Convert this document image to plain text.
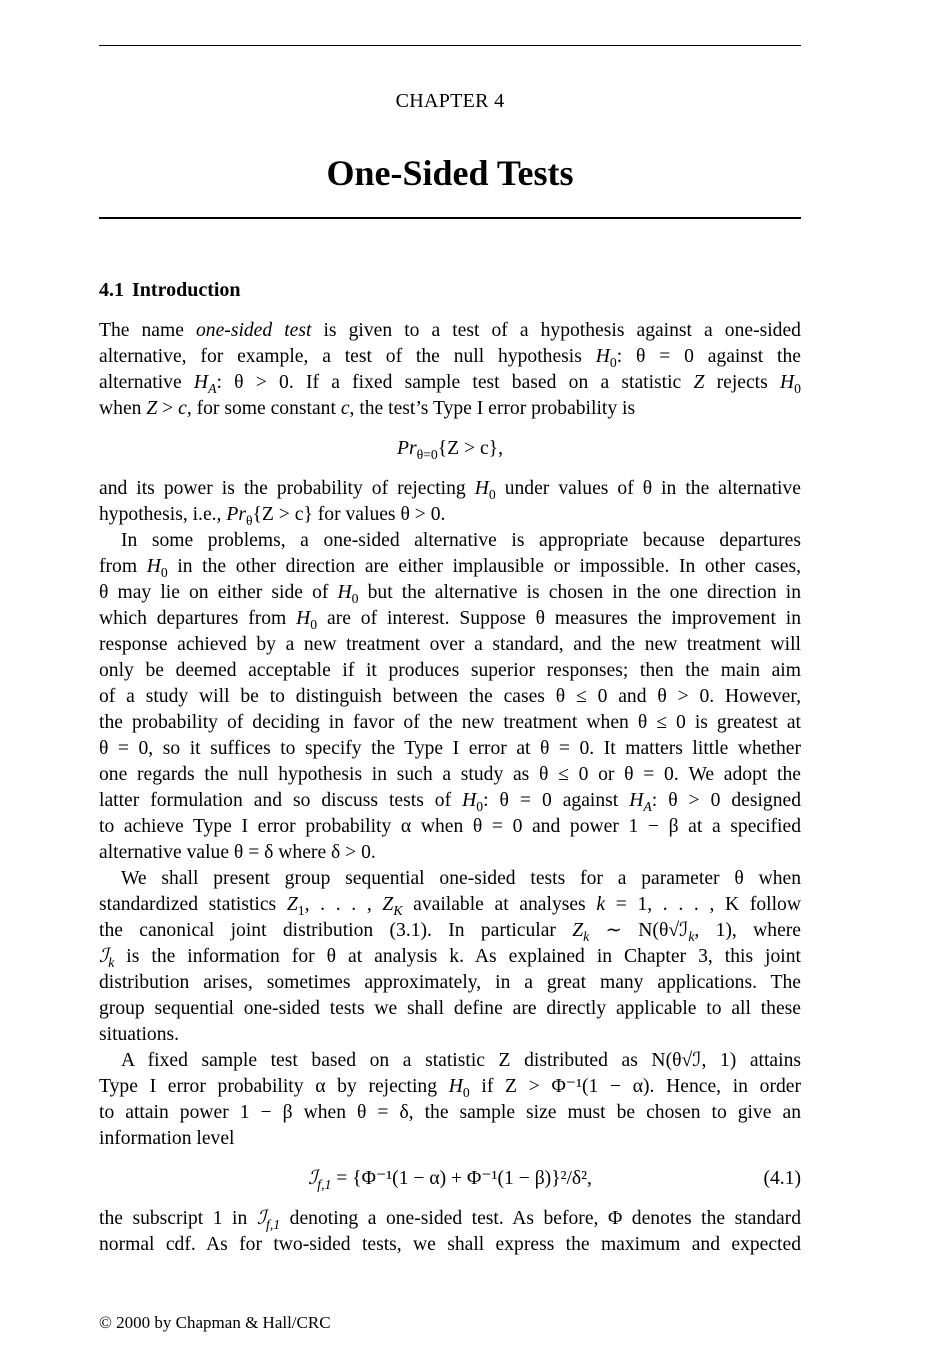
CHAPTER 4
One-Sided Tests
4.1 Introduction
The name one-sided test is given to a test of a hypothesis against a one-sided
alternative, for example, a test of the null hypothesis $H_0$: θ = 0 against the
alternative $H_A$: θ > 0. If a fixed sample test based on a statistic Z rejects $H_0$
when Z > c, for some constant c, the test’s Type I error probability is
$Pr_{\theta=0}\{Z > c\}$,
and its power is the probability of rejecting $H_0$ under values of θ in the alternative
hypothesis, i.e., $Pr_\theta\{Z > c\}$ for values θ > 0.
In some problems, a one-sided alternative is appropriate because departures
from $H_0$ in the other direction are either implausible or impossible. In other cases,
θ may lie on either side of $H_0$ but the alternative is chosen in the one direction in
which departures from $H_0$ are of interest. Suppose θ measures the improvement in
response achieved by a new treatment over a standard, and the new treatment will
only be deemed acceptable if it produces superior responses; then the main aim
of a study will be to distinguish between the cases θ ≤ 0 and θ > 0. However,
the probability of deciding in favor of the new treatment when θ ≤ 0 is greatest at
θ = 0, so it suffices to specify the Type I error at θ = 0. It matters little whether
one regards the null hypothesis in such a study as θ ≤ 0 or θ = 0. We adopt the
latter formulation and so discuss tests of $H_0$: θ = 0 against $H_A$: θ > 0 designed
to achieve Type I error probability α when θ = 0 and power 1 − β at a specified
alternative value θ = δ where δ > 0.
We shall present group sequential one-sided tests for a parameter θ when
standardized statistics $Z_1$, . . . , $Z_K$ available at analyses k = 1, . . . , K follow
the canonical joint distribution (3.1). In particular $Z_k$ ∼ N(θ√ℐ$_k$, 1), where
ℐ$_k$ is the information for θ at analysis k. As explained in Chapter 3, this joint
distribution arises, sometimes approximately, in a great many applications. The
group sequential one-sided tests we shall define are directly applicable to all these
situations.
A fixed sample test based on a statistic Z distributed as N(θ√ℐ, 1) attains
Type I error probability α by rejecting $H_0$ if Z > Φ⁻¹(1 − α). Hence, in order
to attain power 1 − β when θ = δ, the sample size must be chosen to give an
information level
ℐ$_{f,1}$ = {Φ⁻¹(1 − α) + Φ⁻¹(1 − β)}²/δ²,	(4.1)
the subscript 1 in ℐ$_{f,1}$ denoting a one-sided test. As before, Φ denotes the standard
normal cdf. As for two-sided tests, we shall express the maximum and expected
© 2000 by Chapman & Hall/CRC
